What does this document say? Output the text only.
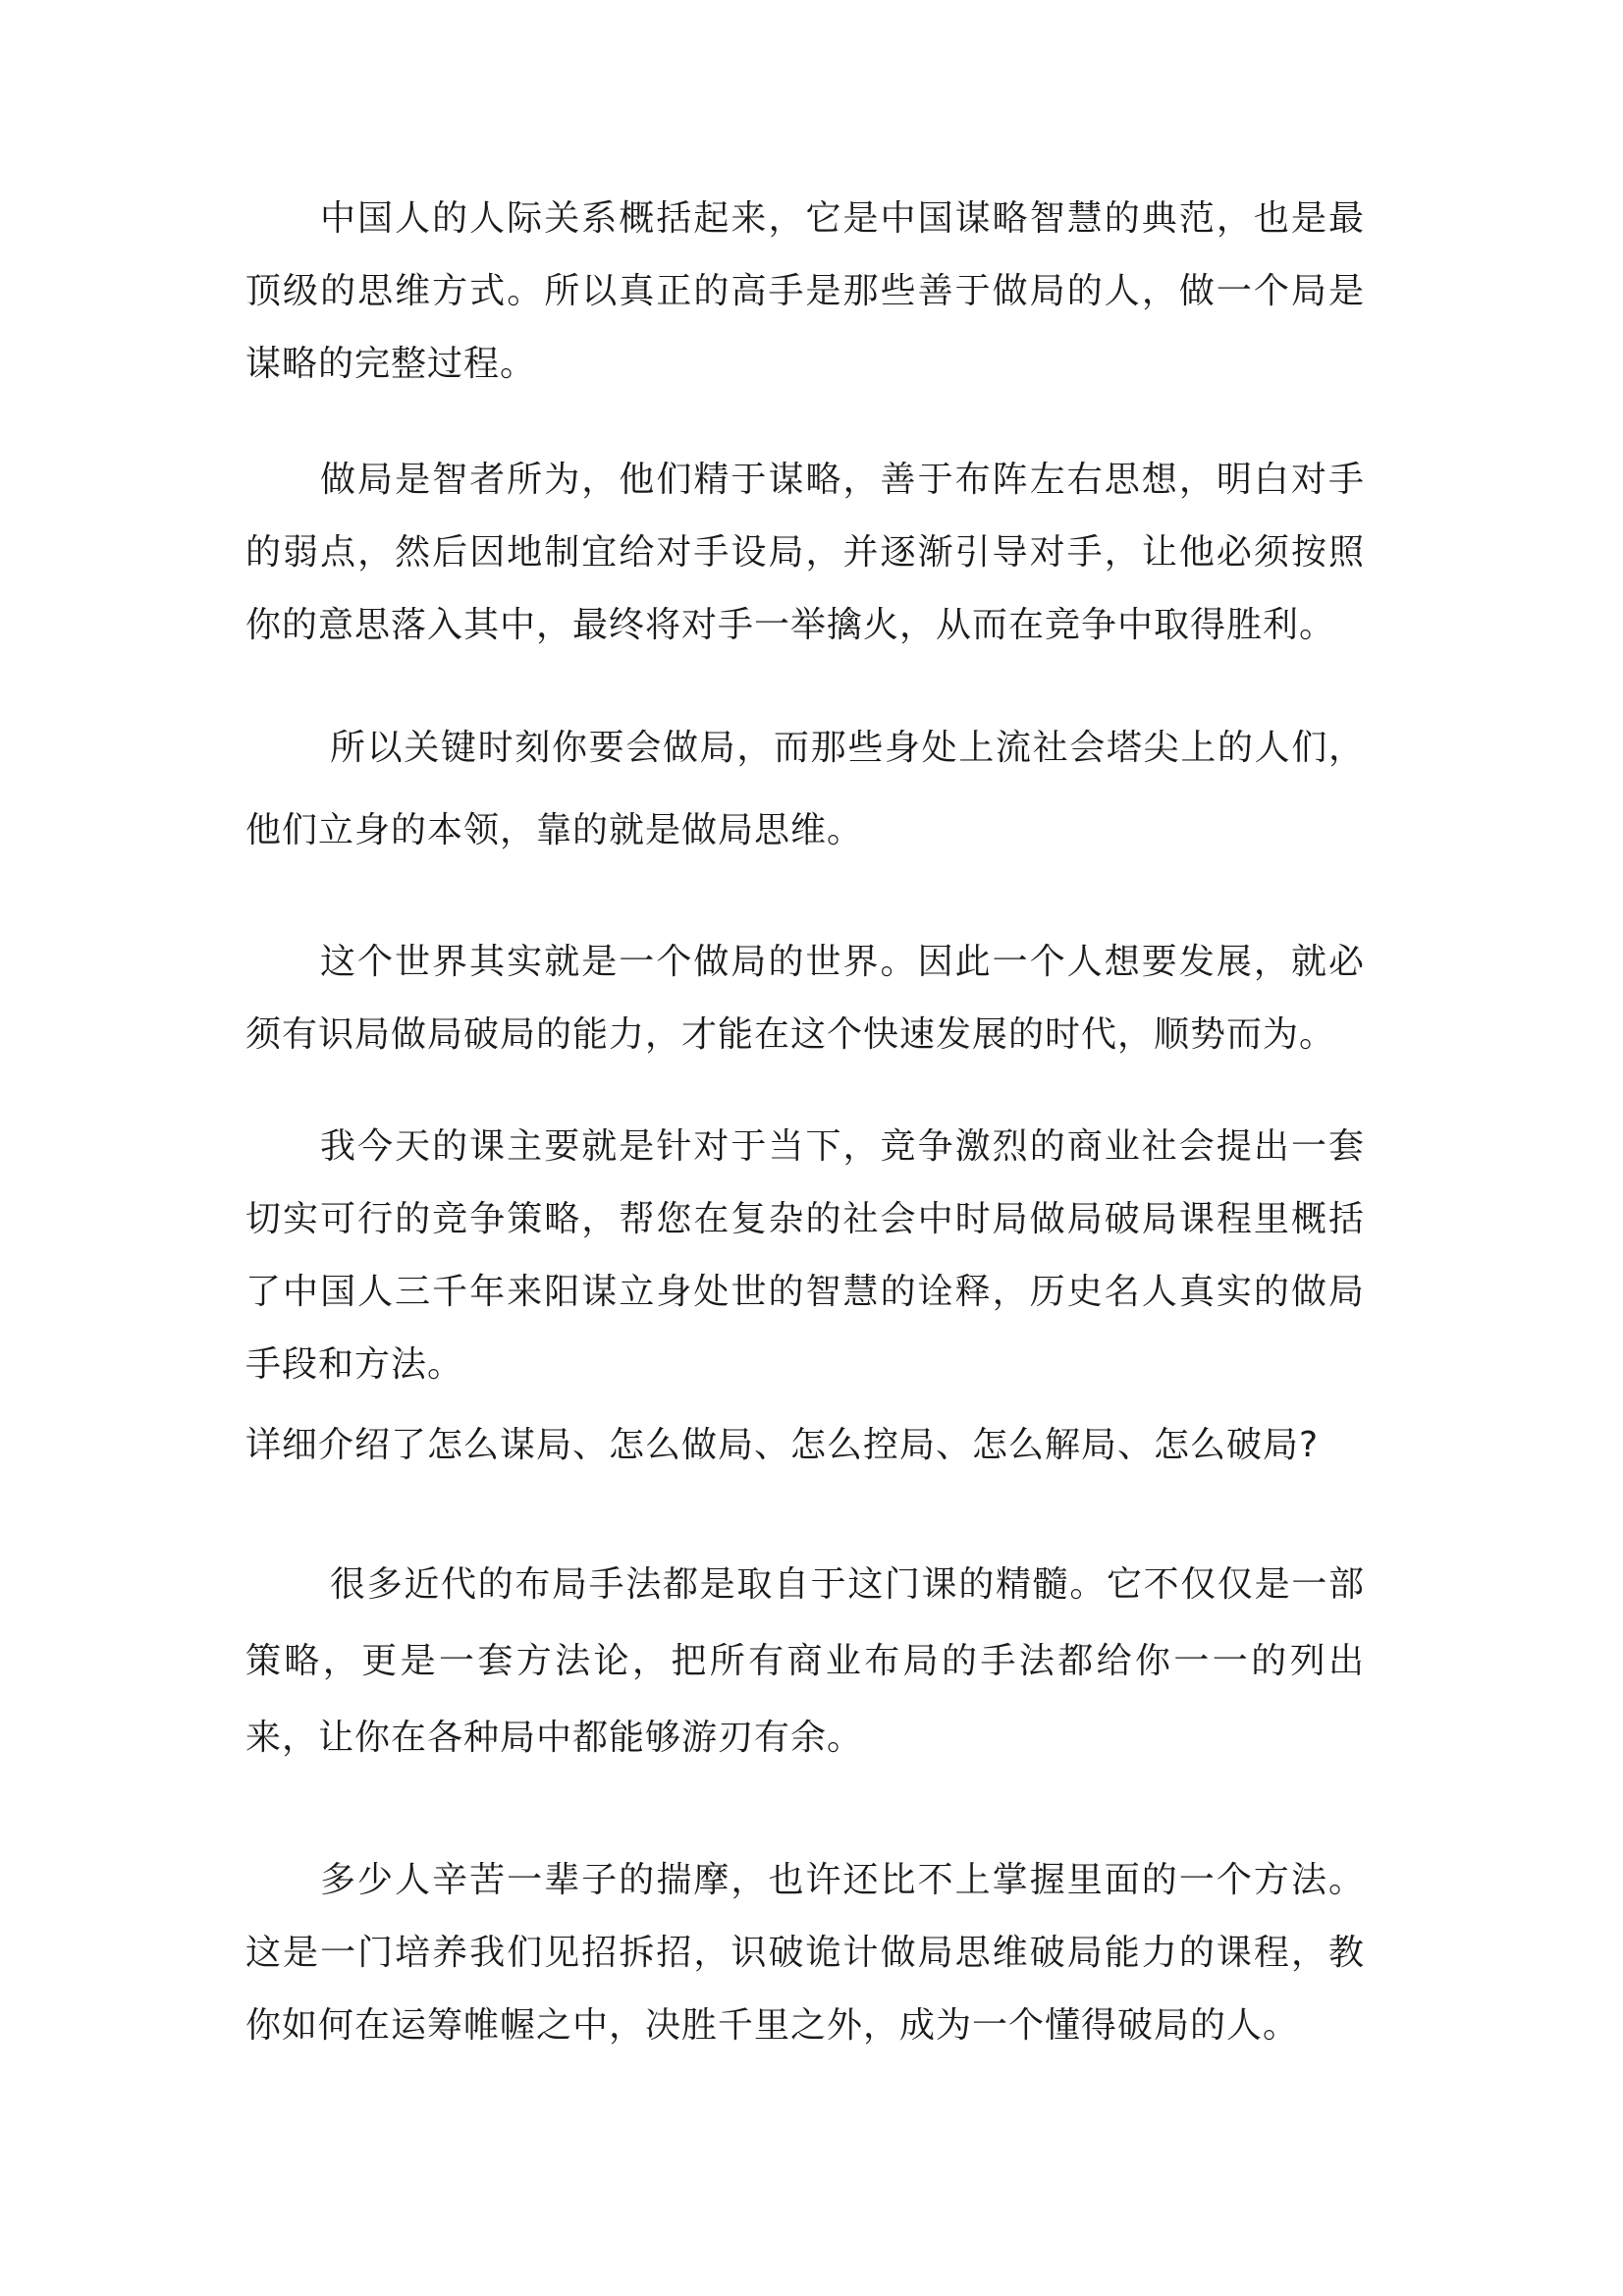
中国人的人际关系概括起来，它是中国谋略智慧的典范，也是最顶级的思维方式。所以真正的高手是那些善于做局的人，做一个局是谋略的完整过程。

做局是智者所为，他们精于谋略，善于布阵左右思想，明白对手的弱点，然后因地制宜给对手设局，并逐渐引导对手，让他必须按照你的意思落入其中，最终将对手一举擒火，从而在竞争中取得胜利。

所以关键时刻你要会做局，而那些身处上流社会塔尖上的人们，他们立身的本领，靠的就是做局思维。

这个世界其实就是一个做局的世界。因此一个人想要发展，就必须有识局做局破局的能力，才能在这个快速发展的时代，顺势而为。

我今天的课主要就是针对于当下，竞争激烈的商业社会提出一套切实可行的竞争策略，帮您在复杂的社会中时局做局破局课程里概括了中国人三千年来阳谋立身处世的智慧的诠释，历史名人真实的做局手段和方法。

详细介绍了怎么谋局、怎么做局、怎么控局、怎么解局、怎么破局?

很多近代的布局手法都是取自于这门课的精髓。它不仅仅是一部策略，更是一套方法论，把所有商业布局的手法都给你一一的列出来，让你在各种局中都能够游刃有余。

多少人辛苦一辈子的揣摩，也许还比不上掌握里面的一个方法。这是一门培养我们见招拆招，识破诡计做局思维破局能力的课程，教你如何在运筹帷幄之中，决胜千里之外，成为一个懂得破局的人。
